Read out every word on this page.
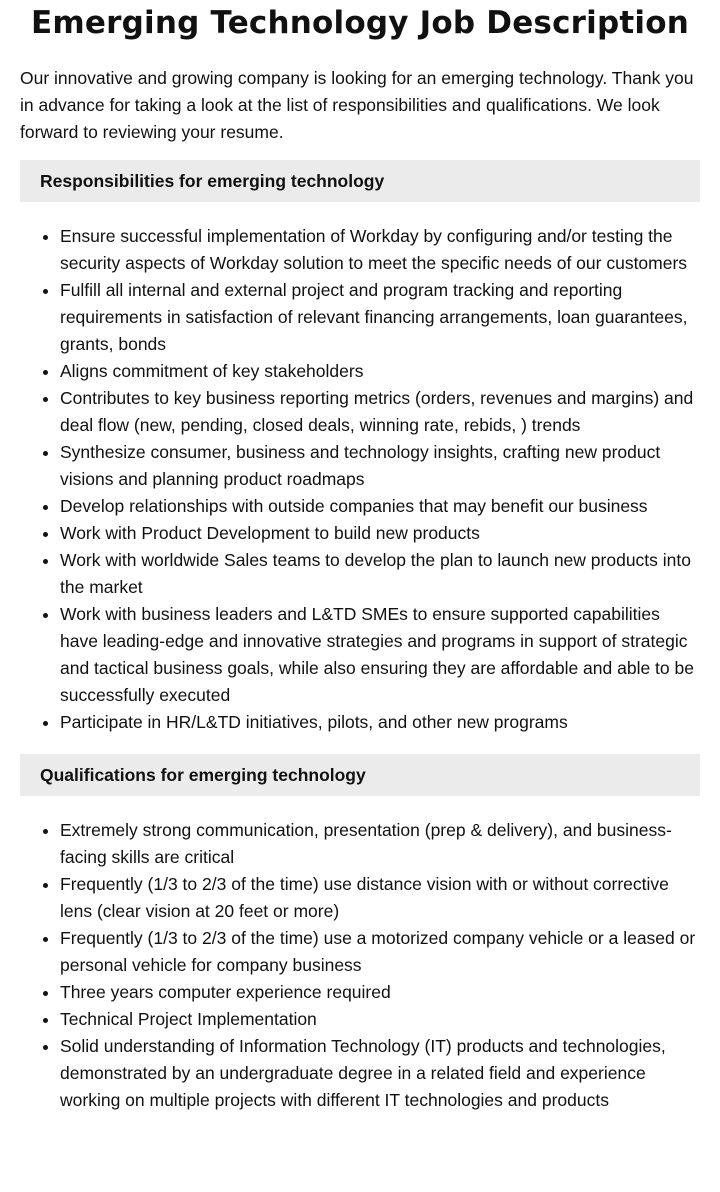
Emerging Technology Job Description

Our innovative and growing company is looking for an emerging technology. Thank you in advance for taking a look at the list of responsibilities and qualifications. We look forward to reviewing your resume.

Responsibilities for emerging technology
• Ensure successful implementation of Workday by configuring and/or testing the security aspects of Workday solution to meet the specific needs of our customers
• Fulfill all internal and external project and program tracking and reporting requirements in satisfaction of relevant financing arrangements, loan guarantees, grants, bonds
• Aligns commitment of key stakeholders
• Contributes to key business reporting metrics (orders, revenues and margins) and deal flow (new, pending, closed deals, winning rate, rebids, ) trends
• Synthesize consumer, business and technology insights, crafting new product visions and planning product roadmaps
• Develop relationships with outside companies that may benefit our business
• Work with Product Development to build new products
• Work with worldwide Sales teams to develop the plan to launch new products into the market
• Work with business leaders and L&TD SMEs to ensure supported capabilities have leading-edge and innovative strategies and programs in support of strategic and tactical business goals, while also ensuring they are affordable and able to be successfully executed
• Participate in HR/L&TD initiatives, pilots, and other new programs
Qualifications for emerging technology
• Extremely strong communication, presentation (prep & delivery), and business-facing skills are critical
• Frequently (1/3 to 2/3 of the time) use distance vision with or without corrective lens (clear vision at 20 feet or more)
• Frequently (1/3 to 2/3 of the time) use a motorized company vehicle or a leased or personal vehicle for company business
• Three years computer experience required
• Technical Project Implementation
• Solid understanding of Information Technology (IT) products and technologies, demonstrated by an undergraduate degree in a related field and experience working on multiple projects with different IT technologies and products
